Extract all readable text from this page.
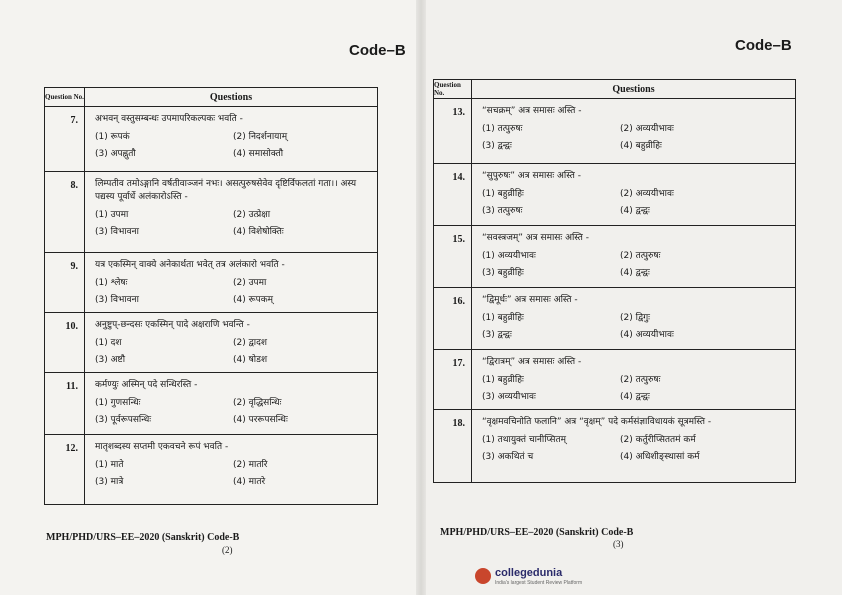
Code–B	Code–B
Question No.	Questions
7.	अभवन् वस्तुसम्बन्धः उपमापरिकल्पकः भवति -
(1) रूपकं (2) निदर्शनायाम्
(3) अपह्नुतौ (4) समासोक्तौ

8.	लिम्पतीव तमोऽङ्गानि वर्षतीवाञ्जनं नभः। असत्पुरुषसेवेव दृष्टिर्विफलतां गता।। अस्य पद्यस्य पूर्वार्धे अलंकारोऽस्ति -
(1) उपमा (2) उत्प्रेक्षा
(3) विभावना (4) विशेषोक्तिः

9.	यत्र एकस्मिन् वाक्ये अनेकार्थता भवेत् तत्र अलंकारो भवति -
(1) श्लेषः (2) उपमा
(3) विभावना (4) रूपकम्

10.	अनुष्टुप्-छन्दसः एकस्मिन् पादे अक्षराणि भवन्ति -
(1) दश (2) द्वादश
(3) अष्टौ (4) षोडश

11.	कर्मण्युः अस्मिन् पदे सन्धिरस्ति -
(1) गुणसन्धिः (2) वृद्धिसन्धिः
(3) पूर्वरूपसन्धिः (4) पररूपसन्धिः

12.	मातृशब्दस्य सप्तमी एकवचने रूपं भवति -
(1) माते (2) मातरि
(3) मात्रे (4) मातरे
Question No.	Questions
13.	“सचक्रम्” अत्र समासः अस्ति -
(1) तत्पुरुषः (2) अव्ययीभावः
(3) द्वन्द्वः (4) बहुव्रीहिः

14.	“सुपुरुषः” अत्र समासः अस्ति -
(1) बहुव्रीहिः (2) अव्ययीभावः
(3) तत्पुरुषः (4) द्वन्द्वः

15.	“सवस्त्रजम्” अत्र समासः अस्ति -
(1) अव्ययीभावः (2) तत्पुरुषः
(3) बहुव्रीहिः (4) द्वन्द्वः

16.	“द्विमूर्धः” अत्र समासः अस्ति -
(1) बहुव्रीहिः (2) द्विगुः
(3) द्वन्द्वः (4) अव्ययीभावः

17.	“द्विरात्रम्” अत्र समासः अस्ति -
(1) बहुव्रीहिः (2) तत्पुरुषः
(3) अव्ययीभावः (4) द्वन्द्वः

18.	“वृक्षमवचिनोति फलानि” अत्र “वृक्षम्” पदे कर्मसंज्ञाविधायकं सूत्रमस्ति -
(1) तथायुक्तं चानीप्सितम् (2) कर्तुरीप्सिततमं कर्म
(3) अकथितं च (4) अधिशीङ्स्थासां कर्म
MPH/PHD/URS–EE–2020 (Sanskrit) Code-B
(2)
MPH/PHD/URS–EE–2020 (Sanskrit) Code-B
(3)
collegedunia
India's largest Student Review Platform
